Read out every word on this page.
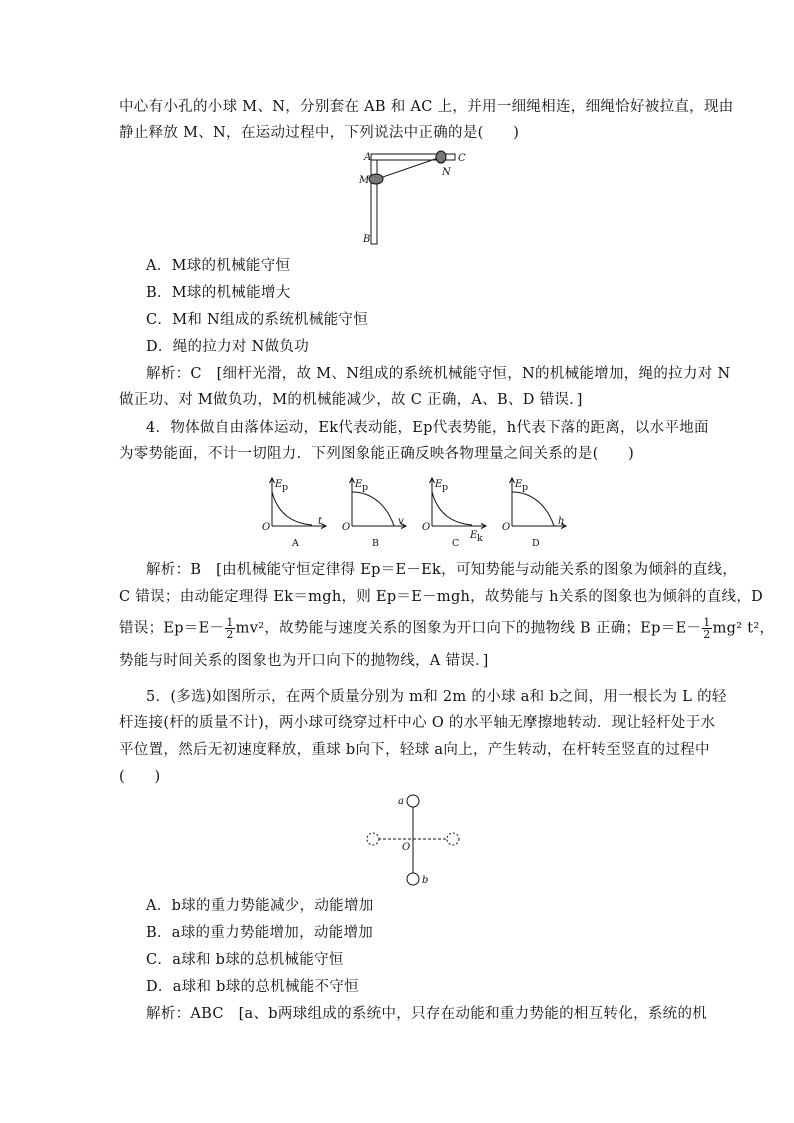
中心有小孔的小球 M、N，分别套在 AB 和 AC 上，并用一细绳相连，细绳恰好被拉直，现由
静止释放 M、N，在运动过程中，下列说法中正确的是(　　)
A	C
M
N
B
A．M球的机械能守恒
B．M球的机械能增大
C．M和 N组成的系统机械能守恒
D．绳的拉力对 N做负功
解析：C　[细杆光滑，故 M、N组成的系统机械能守恒，N的机械能增加，绳的拉力对 N
做正功、对 M做负功，M的机械能减少，故 C 正确，A、B、D 错误．]
4．物体做自由落体运动，Ek代表动能，Ep代表势能，h代表下落的距离，以水平地面
为零势能面，不计一切阻力．下列图象能正确反映各物理量之间关系的是(　　)
E p
O
t
A
E p
O
v
B
E p
O
E k
C
E p
O
h
D
解析：B　[由机械能守恒定律得 Ep＝E－Ek，可知势能与动能关系的图象为倾斜的直线，
C 错误；由动能定理得 Ek＝mgh，则 Ep＝E－mgh，故势能与 h关系的图象也为倾斜的直线，D
错误；$Ep=E- \frac{1}{2} mv^2$，故势能与速度关系的图象为开口向下的抛物线 B 正确；$Ep=E- \frac{1}{2} mg^2$ t²，
势能与时间关系的图象也为开口向下的抛物线，A 错误．]
5．(多选)如图所示，在两个质量分别为 m和 2m 的小球 a和 b之间，用一根长为 L 的轻
杆连接(杆的质量不计)，两小球可绕穿过杆中心 O 的水平轴无摩擦地转动．现让轻杆处于水
平位置，然后无初速度释放，重球 b向下，轻球 a向上，产生转动，在杆转至竖直的过程中
(　　)
a
O
b
A．b球的重力势能减少，动能增加
B．a球的重力势能增加，动能增加
C．a球和 b球的总机械能守恒
D．a球和 b球的总机械能不守恒
解析：ABC　[a、b两球组成的系统中，只存在动能和重力势能的相互转化，系统的机
